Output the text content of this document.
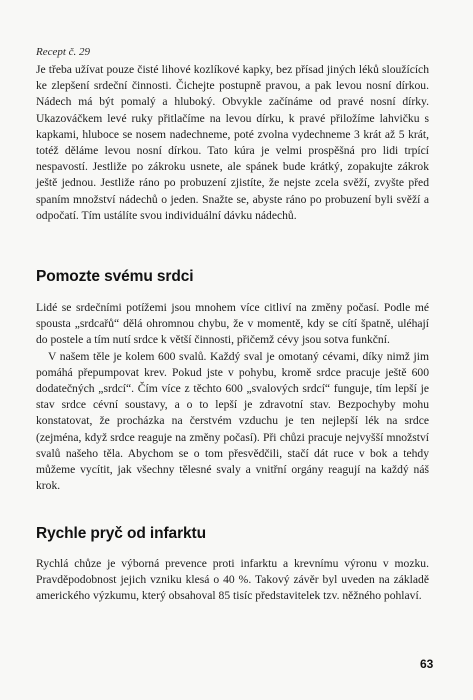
Recept č. 29
Je třeba užívat pouze čisté lihové kozlíkové kapky, bez přísad jiných léků sloužících ke zlepšení srdeční činnosti. Čichejte postupně pravou, a pak levou nosní dírkou. Nádech má být pomalý a hluboký. Obvykle začínáme od pravé nosní dírky. Ukazováčkem levé ruky přitlačíme na levou dírku, k pravé přiložíme lahvičku s kapkami, hluboce se nosem nadechneme, poté zvolna vydechneme 3 krát až 5 krát, totéž děláme levou nosní dírkou. Tato kúra je velmi prospěšná pro lidi trpící nespavostí. Jestliže po zákroku usnete, ale spánek bude krátký, zopakujte zákrok ještě jednou. Jestliže ráno po probuzení zjistíte, že nejste zcela svěží, zvyšte před spaním množství nádechů o jeden. Snažte se, abyste ráno po probuzení byli svěží a odpočatí. Tím ustálíte svou individuální dávku nádechů.
Pomozte svému srdci

Lidé se srdečními potížemi jsou mnohem více citliví na změny počasí. Podle mé spousta „srdcařů“ dělá ohromnou chybu, že v momentě, kdy se cítí špatně, uléhají do postele a tím nutí srdce k větší činnosti, přičemž cévy jsou sotva funkční.

V našem těle je kolem 600 svalů. Každý sval je omotaný cévami, díky nimž jim pomáhá přepumpovat krev. Pokud jste v pohybu, kromě srdce pracuje ještě 600 dodatečných „srdcí“. Čím více z těchto 600 „svalových srdcí“ funguje, tím lepší je stav srdce cévní soustavy, a o to lepší je zdravotní stav. Bezpochyby mohu konstatovat, že procházka na čerstvém vzduchu je ten nejlepší lék na srdce (zejména, když srdce reaguje na změny počasí). Při chůzi pracuje nejvyšší množství svalů našeho těla. Abychom se o tom přesvědčili, stačí dát ruce v bok a tehdy můžeme vycítit, jak všechny tělesné svaly a vnitřní orgány reagují na každý náš krok.

Rychle pryč od infarktu

Rychlá chůze je výborná prevence proti infarktu a krevnímu výronu v mozku. Pravděpodobnost jejich vzniku klesá o 40 %. Takový závěr byl uveden na základě amerického výzkumu, který obsahoval 85 tisíc představitelek tzv. něžného pohlaví.

63
